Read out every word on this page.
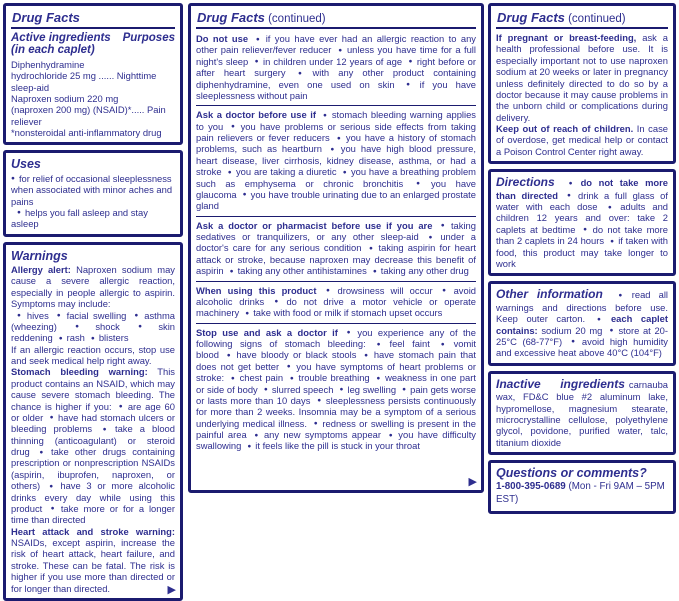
Drug Facts
Active ingredients
(in each caplet)
Purposes

Diphenhydramine
hydrochloride 25 mg ...... Nighttime sleep-aid
Naproxen sodium 220 mg
(naproxen 200 mg) (NSAID)*..... Pain reliever
*nonsteroidal anti-inflammatory drug

Uses

● for relief of occasional sleeplessness when associated with minor aches and pains
● helps you fall asleep and stay asleep

Warnings

Allergy alert: Naproxen sodium may cause a severe allergic reaction, especially in people allergic to aspirin. Symptoms may include:
● hives ● facial swelling ● asthma (wheezing) ● shock ● skin reddening ● rash ● blisters
If an allergic reaction occurs, stop use and seek medical help right away.
Stomach bleeding warning: This product contains an NSAID, which may cause severe stomach bleeding. The chance is higher if you: ● are age 60 or older ● have had stomach ulcers or bleeding problems ● take a blood thinning (anticoagulant) or steroid drug ● take other drugs containing prescription or nonprescription NSAIDs (aspirin, ibuprofen, naproxen, or others) ● have 3 or more alcoholic drinks every day while using this product ● take more or for a longer time than directed
Heart attack and stroke warning: NSAIDs, except aspirin, increase the risk of heart attack, heart failure, and stroke. These can be fatal. The risk is higher if you use more than directed or for longer than directed.	▶
Drug Facts (continued)

Do not use ● if you have ever had an allergic reaction to any other pain reliever/fever reducer ● unless you have time for a full night's sleep ● in children under 12 years of age ● right before or after heart surgery ● with any other product containing diphenhydramine, even one used on skin ● if you have sleeplessness without pain

Ask a doctor before use if ● stomach bleeding warning applies to you ● you have problems or serious side effects from taking pain relievers or fever reducers ● you have a history of stomach problems, such as heartburn ● you have high blood pressure, heart disease, liver cirrhosis, kidney disease, asthma, or had a stroke ● you are taking a diuretic ● you have a breathing problem such as emphysema or chronic bronchitis ● you have glaucoma ● you have trouble urinating due to an enlarged prostate gland

Ask a doctor or pharmacist before use if you are ● taking sedatives or tranquilizers, or any other sleep-aid ● under a doctor's care for any serious condition ● taking aspirin for heart attack or stroke, because naproxen may decrease this benefit of aspirin ● taking any other antihistamines ● taking any other drug

When using this product ● drowsiness will occur ● avoid alcoholic drinks ● do not drive a motor vehicle or operate machinery ● take with food or milk if stomach upset occurs

Stop use and ask a doctor if ● you experience any of the following signs of stomach bleeding: ● feel faint ● vomit blood ● have bloody or black stools ● have stomach pain that does not get better ● you have symptoms of heart problems or stroke: ● chest pain ● trouble breathing ● weakness in one part or side of body ● slurred speech ● leg swelling ● pain gets worse or lasts more than 10 days ● sleeplessness persists continuously for more than 2 weeks. Insomnia may be a symptom of a serious underlying medical illness. ● redness or swelling is present in the painful area ● any new symptoms appear ● you have difficulty swallowing ● it feels like the pill is stuck in your throat

▶
Drug Facts (continued)

If pregnant or breast-feeding, ask a health professional before use. It is especially important not to use naproxen sodium at 20 weeks or later in pregnancy unless definitely directed to do so by a doctor because it may cause problems in the unborn child or complications during delivery.
Keep out of reach of children. In case of overdose, get medical help or contact a Poison Control Center right away.

Directions ● do not take more than directed ● drink a full glass of water with each dose ● adults and children 12 years and over: take 2 caplets at bedtime ● do not take more than 2 caplets in 24 hours ● if taken with food, this product may take longer to work

Other information ● read all warnings and directions before use. Keep outer carton. ● each caplet contains: sodium 20 mg ● store at 20-25°C (68-77°F) ● avoid high humidity and excessive heat above 40°C (104°F)

Inactive ingredients carnauba wax, FD&C blue #2 aluminum lake, hypromellose, magnesium stearate, microcrystalline cellulose, polyethylene glycol, povidone, purified water, talc, titanium dioxide

Questions or comments?

1-800-395-0689 (Mon - Fri 9AM – 5PM EST)
